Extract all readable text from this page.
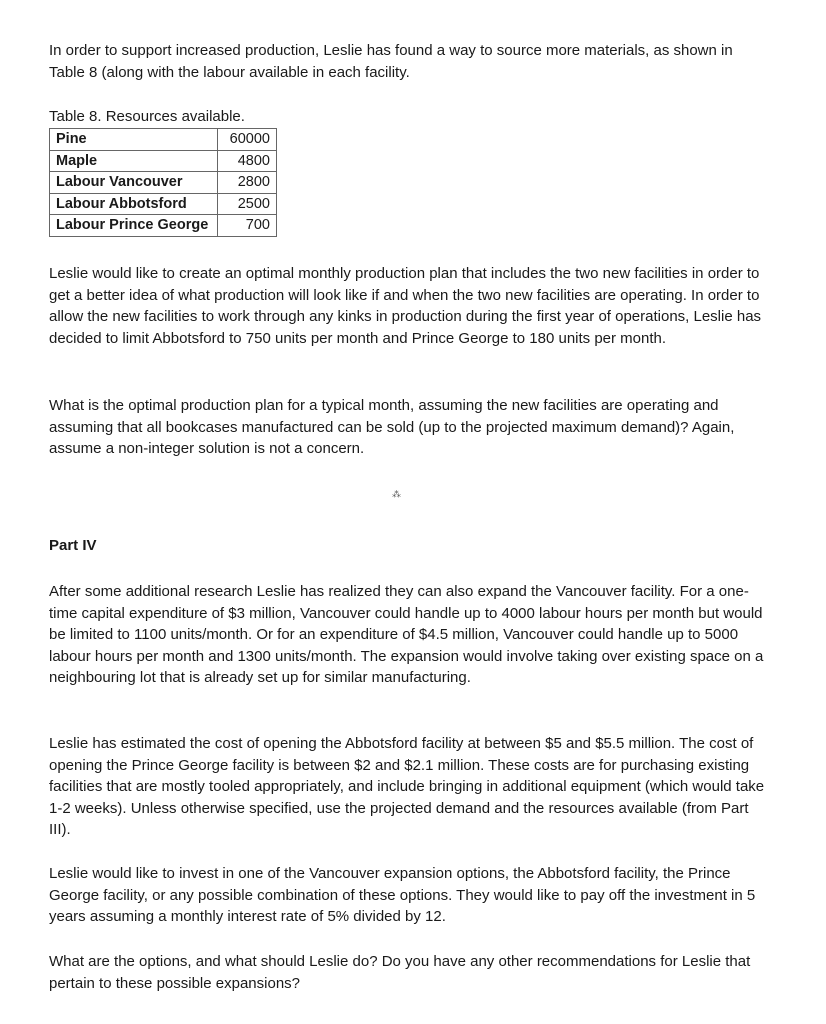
In order to support increased production, Leslie has found a way to source more materials, as shown in Table 8 (along with the labour available in each facility.

Table 8. Resources available.
Pine	60000
Maple	4800
Labour Vancouver	2800
Labour Abbotsford	2500
Labour Prince George	700

Leslie would like to create an optimal monthly production plan that includes the two new facilities in order to get a better idea of what production will look like if and when the two new facilities are operating. In order to allow the new facilities to work through any kinks in production during the first year of operations, Leslie has decided to limit Abbotsford to 750 units per month and Prince George to 180 units per month.

What is the optimal production plan for a typical month, assuming the new facilities are operating and assuming that all bookcases manufactured can be sold (up to the projected maximum demand)? Again, assume a non-integer solution is not a concern.

⁂
Part IV

After some additional research Leslie has realized they can also expand the Vancouver facility. For a one-time capital expenditure of $3 million, Vancouver could handle up to 4000 labour hours per month but would be limited to 1100 units/month. Or for an expenditure of $4.5 million, Vancouver could handle up to 5000 labour hours per month and 1300 units/month. The expansion would involve taking over existing space on a neighbouring lot that is already set up for similar manufacturing.

Leslie has estimated the cost of opening the Abbotsford facility at between $5 and $5.5 million. The cost of opening the Prince George facility is between $2 and $2.1 million. These costs are for purchasing existing facilities that are mostly tooled appropriately, and include bringing in additional equipment (which would take 1-2 weeks). Unless otherwise specified, use the projected demand and the resources available (from Part III).

Leslie would like to invest in one of the Vancouver expansion options, the Abbotsford facility, the Prince George facility, or any possible combination of these options. They would like to pay off the investment in 5 years assuming a monthly interest rate of 5% divided by 12.

What are the options, and what should Leslie do? Do you have any other recommendations for Leslie that pertain to these possible expansions?
